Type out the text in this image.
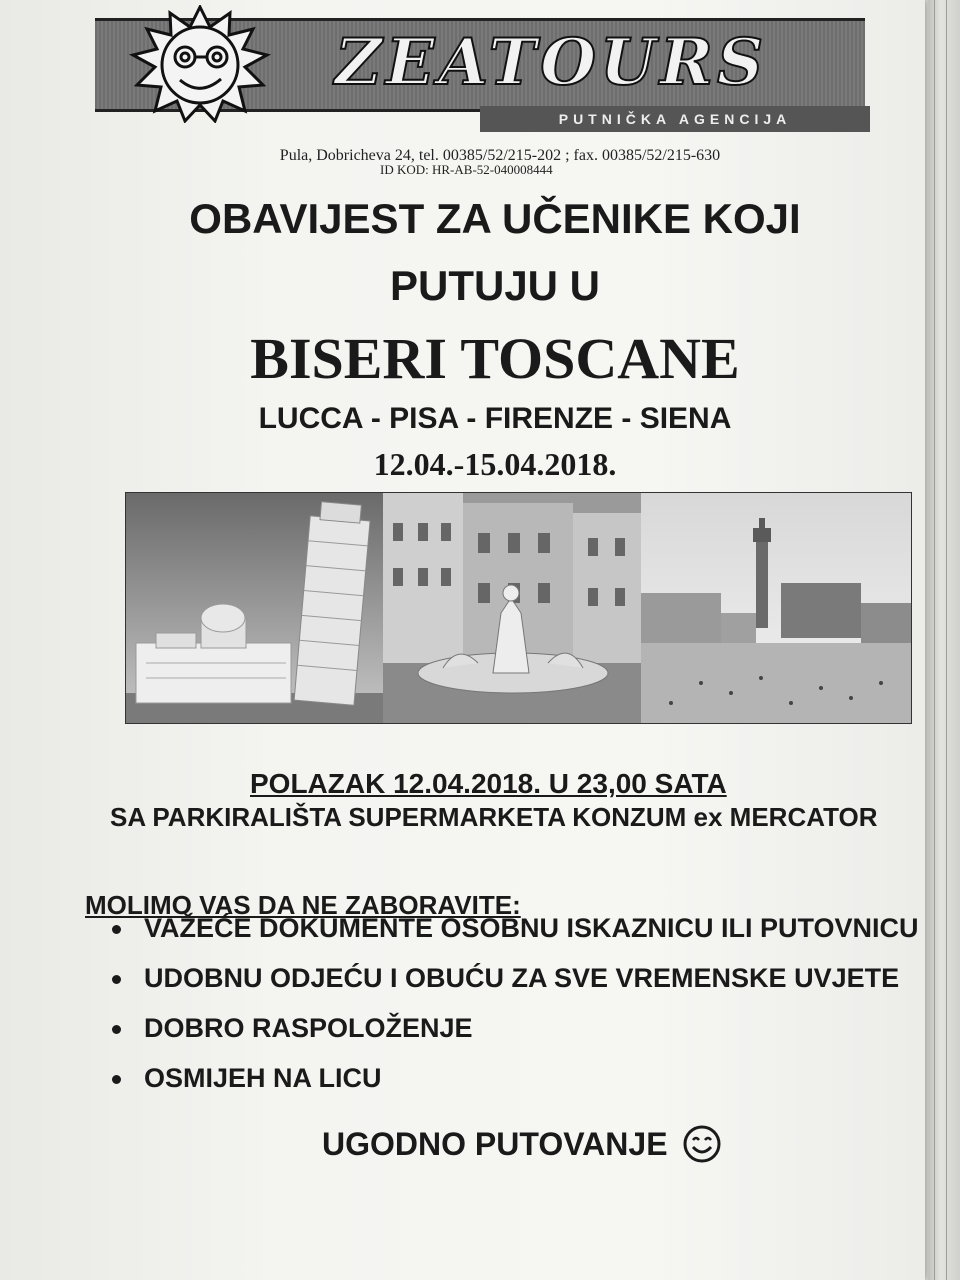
ZEATOURS
PUTNIČKA AGENCIJA
Pula, Dobricheva 24, tel. 00385/52/215-202 ; fax. 00385/52/215-630
ID KOD: HR-AB-52-040008444
OBAVIJEST ZA UČENIKE KOJI
PUTUJU U
BISERI TOSCANE
LUCCA - PISA - FIRENZE - SIENA
12.04.-15.04.2018.
POLAZAK 12.04.2018. U 23,00 SATA
SA PARKIRALIŠTA SUPERMARKETA KONZUM ex MERCATOR
MOLIMO VAS DA NE ZABORAVITE:
VAŽEĆE DOKUMENTE OSOBNU ISKAZNICU ILI PUTOVNICU
UDOBNU ODJEĆU I OBUĆU ZA SVE VREMENSKE UVJETE
DOBRO RASPOLOŽENJE
OSMIJEH NA LICU
UGODNO PUTOVANJE
